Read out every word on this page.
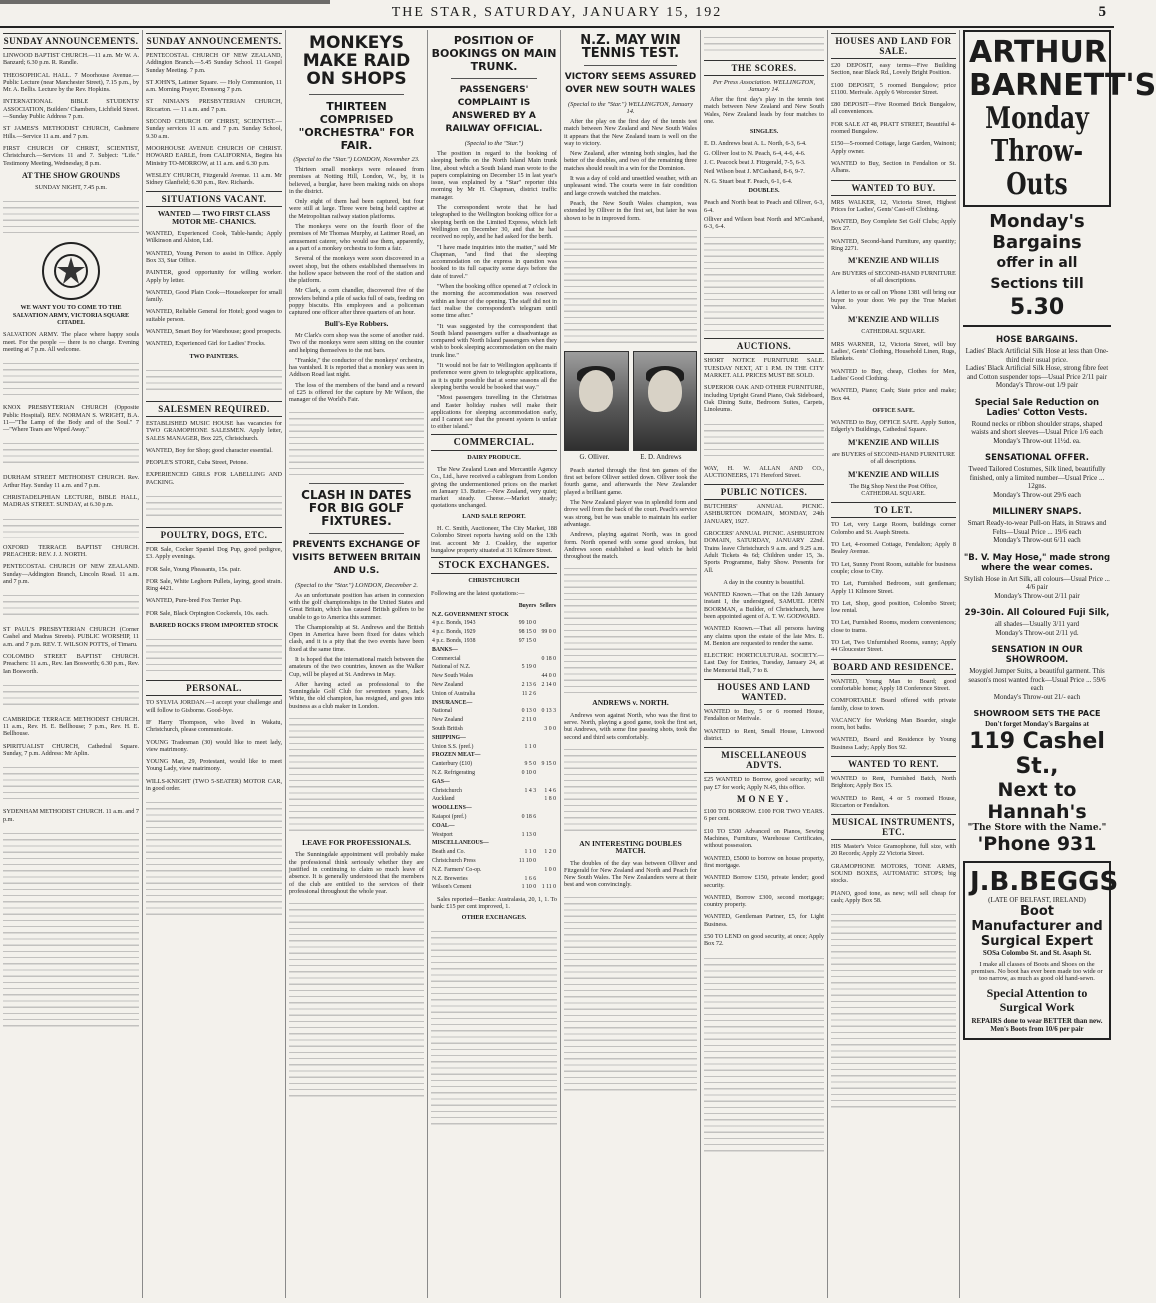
THE STAR, SATURDAY, JANUARY 15, 192	5
SUNDAY ANNOUNCEMENTS.
LINWOOD BAPTIST CHURCH.—11 a.m. Mr W. A. Banzard; 6.30 p.m. R. Randle.
THEOSOPHICAL HALL. 7 Moorhouse Avenue.— Public Lecture (near Manchester Street), 7.15 p.m., by Mr. A. Bellis. Lecture by the Rev. Hopkins.
INTERNATIONAL BIBLE STUDENTS' ASSOCIATION, Builders' Chambers, Lichfield Street.—Sunday Public Address 7 p.m.
ST JAMES'S METHODIST CHURCH, Cashmere Hills.—Service 11 a.m. and 7 p.m.
FIRST CHURCH OF CHRIST, SCIENTIST, Christchurch.—Services 11 and 7. Subject: "Life." Testimony Meeting, Wednesday, 8 p.m.
AT THE SHOW GROUNDS
SUNDAY NIGHT, 7.45 p.m.
WE WANT YOU TO COME TO THE SALVATION ARMY, VICTORIA SQUARE CITADEL
SALVATION ARMY. The place where happy souls meet. For the people — there is no charge. Evening meeting at 7 p.m. All welcome.
KNOX PRESBYTERIAN CHURCH (Opposite Public Hospital). REV. NORMAN S. WRIGHT, B.A. 11—"The Lamp of the Body and of the Soul." 7—"Where Tears are Wiped Away."
DURHAM STREET METHODIST CHURCH. Rev. Arthur Hay. Sunday 11 a.m. and 7 p.m.
CHRISTADELPHIAN LECTURE, BIBLE HALL, MADRAS STREET. SUNDAY, at 6.30 p.m.
OXFORD TERRACE BAPTIST CHURCH. PREACHER: REV. J. J. NORTH.
PENTECOSTAL CHURCH OF NEW ZEALAND. Sunday—Addington Branch, Lincoln Road. 11 a.m. and 7 p.m.
ST PAUL'S PRESBYTERIAN CHURCH (Corner Cashel and Madras Streets). PUBLIC WORSHIP, 11 a.m. and 7 p.m. REV. T. WILSON POTTS, of Timaru.
COLOMBO STREET BAPTIST CHURCH. Preachers: 11 a.m., Rev. Ian Bosworth; 6.30 p.m., Rev. Ian Bosworth.
CAMBRIDGE TERRACE METHODIST CHURCH. 11 a.m., Rev. H. E. Bellhouse; 7 p.m., Rev. H. E. Bellhouse.
SPIRITUALIST CHURCH, Cathedral Square. Sunday, 7 p.m. Address: Mr Aplin.
SYDENHAM METHODIST CHURCH. 11 a.m. and 7 p.m.
SUNDAY ANNOUNCEMENTS.
PENTECOSTAL CHURCH OF NEW ZEALAND, Addington Branch.—5.45 Sunday School. 11 Gospel Sunday Meeting. 7 p.m.
ST JOHN'S, Latimer Square. — Holy Communion, 11 a.m. Morning Prayer; Evensong 7 p.m.
ST NINIAN'S PRESBYTERIAN CHURCH, Riccarton. — 11 a.m. and 7 p.m.
SECOND CHURCH OF CHRIST, SCIENTIST.— Sunday services 11 a.m. and 7 p.m. Sunday School, 9.30 a.m.
MOORHOUSE AVENUE CHURCH OF CHRIST. HOWARD EARLE, from CALIFORNIA, Begins his Ministry TO-MORROW, at 11 a.m. and 6.30 p.m.
WESLEY CHURCH, Fitzgerald Avenue. 11 a.m. Mr Sidney Glanfield; 6.30 p.m., Rev. Richards.
SITUATIONS VACANT.
WANTED — TWO FIRST CLASS MOTOR ME- CHANICS.
WANTED, Experienced Cook, Table-hands; Apply Wilkinson and Alston, Ltd.
WANTED, Young Person to assist in Office. Apply Box 33, Star Office.
PAINTER, good opportunity for willing worker. Apply by letter.
WANTED, Good Plain Cook—Housekeeper for small family.
WANTED, Reliable General for Hotel; good wages to suitable person.
WANTED, Smart Boy for Warehouse; good prospects.
WANTED, Experienced Girl for Ladies' Frocks.
TWO PAINTERS.
SALESMEN REQUIRED.
ESTABLISHED MUSIC HOUSE has vacancies for TWO GRAMOPHONE SALESMEN. Apply letter, SALES MANAGER, Box 225, Christchurch.
WANTED, Boy for Shop; good character essential.
PEOPLE'S STORE, Cuba Street, Petone.
EXPERIENCED GIRLS FOR LABELLING AND PACKING.
POULTRY, DOGS, ETC.
FOR Sale, Cocker Spaniel Dog Pup, good pedigree, £3. Apply evenings.
FOR Sale, Young Pheasants, 15s. pair.
FOR Sale, White Leghorn Pullets, laying, good strain. Ring 4421.
WANTED, Pure-bred Fox Terrier Pup.
FOR Sale, Black Orpington Cockerels, 10s. each.
BARRED ROCKS FROM IMPORTED STOCK
PERSONAL.
TO SYLVIA JORDAN.—I accept your challenge and will follow to Gisborne. Good-bye.
IF Harry Thompson, who lived in Wakatu, Christchurch, please communicate.
YOUNG Tradesman (30) would like to meet lady, view matrimony.
YOUNG Man, 29, Protestant, would like to meet Young Lady, view matrimony.
WILLS-KNIGHT (TWO 5-SEATER) MOTOR CAR, in good order.
MONKEYS MAKE RAID ON SHOPS
THIRTEEN COMPRISED "ORCHESTRA" FOR FAIR.
(Special to the "Star.") LONDON, November 23.

Thirteen small monkeys were released from premises at Notting Hill, London, W., by, it is believed, a burglar, have been making raids on shops in the district.

Only eight of them had been captured, but four were still at large. Three were being held captive at the Metropolitan railway station platforms.

The monkeys were on the fourth floor of the premises of Mr Thomas Murphy, at Latimer Road, an amusement caterer, who would use them, apparently, as a part of a monkey orchestra to form a fair.

Several of the monkeys were soon discovered in a sweet shop, but the others established themselves in the hollow space between the roof of the station and the platform.

Mr Clark, a corn chandler, discovered five of the prowlers behind a pile of sacks full of oats, feeding on poppy biscuits. His employees and a policeman captured one officer after three quarters of an hour.

Bull's-Eye Robbers.

Mr Clark's corn shop was the scene of another raid. Two of the monkeys were seen sitting on the counter and helping themselves to the nut bars.

"Frankie," the conductor of the monkeys' orchestra, has vanished. It is reported that a monkey was seen in Addison Road last night.

The loss of the members of the band and a reward of £25 is offered for the capture by Mr Wilson, the manager of the World's Fair.

CLASH IN DATES FOR BIG GOLF FIXTURES.
PREVENTS EXCHANGE OF VISITS BETWEEN BRITAIN AND U.S.
(Special to the "Star.") LONDON, December 2.

As an unfortunate position has arisen in connexion with the golf championships in the United States and Great Britain, which has caused British golfers to be unable to go to America this summer.

The Championship at St. Andrews and the British Open in America have been fixed for dates which clash, and it is a pity that the two events have been fixed at the same time.

It is hoped that the international match between the amateurs of the two countries, known as the Walker Cup, will be played at St. Andrews in May.

After having acted as professional to the Sunningdale Golf Club for seventeen years, Jack White, the old champion, has resigned, and goes into business as a club maker in London.

LEAVE FOR PROFESSIONALS.

The Sunningdale appointment will probably make the professional think seriously whether they are justified in continuing to claim so much leave of absence. It is generally understood that the members of the club are entitled to the services of their professional throughout the whole year.

POSITION OF BOOKINGS ON MAIN TRUNK.
PASSENGERS' COMPLAINT IS ANSWERED BY A RAILWAY OFFICIAL.
(Special to the "Star.")

The position in regard to the booking of sleeping berths on the North Island Main trunk line, about which a South Island man wrote to the papers complaining on December 15 in last year's issue, was explained by a "Star" reporter this morning by Mr H. Chapman, district traffic manager.

The correspondent wrote that he had telegraphed to the Wellington booking office for a sleeping berth on the Limited Express, which left Wellington on December 30, and that he had received no reply, and he had asked for the berth.

"I have made inquiries into the matter," said Mr Chapman, "and find that the sleeping accommodation on the express in question was booked to its full capacity some days before the date of travel."

"When the booking office opened at 7 o'clock in the morning the accommodation was reserved within an hour of the opening. The staff did not in fact realise the correspondent's telegram until some time after."

"It was suggested by the correspondent that South Island passengers suffer a disadvantage as compared with North Island passengers when they wish to book sleeping accommodation on the main trunk line."

"It would not be fair to Wellington applicants if preference were given to telegraphic applications, as it is quite possible that at some seasons all the sleeping berths would be booked that way."

"Most passengers travelling in the Christmas and Easter holiday rushes will make their applications for sleeping accommodation early, and I cannot see that the present system is unfair to either island."

COMMERCIAL.
DAIRY PRODUCE.

The New Zealand Loan and Mercantile Agency Co., Ltd., have received a cablegram from London giving the undermentioned prices on the market on January 13. Butter.—New Zealand, very quiet; market steady. Cheese.—Market steady; quotations unchanged.

LAND SALE REPORT.

H. C. Smith, Auctioneer, The City Market, 188 Colombo Street reports having sold on the 13th inst. account Mr J. Coakley, the superior bungalow property situated at 31 Kilmore Street.

STOCK EXCHANGES.
CHRISTCHURCH
Following are the latest quotations:—
	Buyers	Sellers
N.Z. GOVERNMENT STOCK		
4 p.c. Bonds, 1943	99 10 0	
4 p.c. Bonds, 1929	98 15 0	99 0 0
4 p.c. Bonds, 1938	97 15 0	
BANKS—		
Commercial		0 18 0
National of N.Z.	5 19 0	
New South Wales		44 0 0
New Zealand	2 13 6	2 14 0
Union of Australia	11 2 6	
INSURANCE—		
National	0 13 0	0 13 3
New Zealand	2 11 0	
South British		3 0 0
SHIPPING—		
Union S.S. (pref.)	1 1 0	
FROZEN MEAT—		
Canterbury (£10)	9 5 0	9 15 0
N.Z. Refrigerating	0 10 0	
GAS—		
Christchurch	1 4 3	1 4 6
Auckland		1 8 0
WOOLLENS—		
Kaiapoi (pref.)	0 18 6	
COAL—		
Westport	1 13 0	
MISCELLANEOUS—		
Beath and Co.	1 1 0	1 2 0
Christchurch Press	11 10 0	
N.Z. Farmers' Co-op.		1 0 0
N.Z. Breweries	1 6 6	
Wilson's Cement	1 10 0	1 11 0

Sales reported—Banks: Australasia, 20, 1, 1. To bank: £15 per cent improved, 1.

OTHER EXCHANGES.
N.Z. MAY WIN TENNIS TEST.
VICTORY SEEMS ASSURED OVER NEW SOUTH WALES
(Special to the "Star.") WELLINGTON, January 14.

After the play on the first day of the tennis test match between New Zealand and New South Wales it appears that the New Zealand team is well on the way to victory.

New Zealand, after winning both singles, had the better of the doubles, and two of the remaining three matches should result in a win for the Dominion.

It was a day of cold and unsettled weather, with an unpleasant wind. The courts were in fair condition and large crowds watched the matches.

Peach, the New South Wales champion, was extended by Olliver in the first set, but later he was shown to be in improved form.

G. Olliver.	E. D. Andrews

Peach started through the first ten games of the first set before Olliver settled down. Olliver took the fourth game, and afterwards the New Zealander played a brilliant game.

The New Zealand player was in splendid form and drove well from the back of the court. Peach's service was strong, but he was unable to maintain his earlier advantage.

Andrews, playing against North, was in good form. North opened with some good strokes, but Andrews soon established a lead which he held throughout the match.

ANDREWS v. NORTH.

Andrews won against North, who was the first to serve. North, playing a good game, took the first set, but Andrews, with some fine passing shots, took the second and third sets comfortably.

AN INTERESTING DOUBLES MATCH.

The doubles of the day was between Olliver and Fitzgerald for New Zealand and North and Peach for New South Wales. The New Zealanders were at their best and won convincingly.

THE SCORES.
Per Press Association. WELLINGTON, January 14.

After the first day's play in the tennis test match between New Zealand and New South Wales, New Zealand leads by four matches to one.

SINGLES.
E. D. Andrews beat A. L. North, 6-3, 6-4.
G. Olliver lost to N. Peach, 6-4, 4-6, 4-6.
J. C. Peacock beat J. Fitzgerald, 7-5, 6-3.
Neil Wilson beat J. M'Cashand, 8-6, 9-7.
N. G. Stuart beat F. Peach, 6-1, 6-4.
DOUBLES.
Peach and North beat to Peach and Olliver, 6-3, 6-4.
Olliver and Wilson beat North and M'Cashand, 6-3, 6-4.
AUCTIONS.
SHORT NOTICE FURNITURE SALE. TUESDAY NEXT, AT 1 P.M. IN THE CITY MARKET. ALL PRICES MUST BE SOLD.
SUPERIOR OAK AND OTHER FURNITURE, including Upright Grand Piano, Oak Sideboard, Oak Dining Suite, Bedroom Suites, Carpets, Linoleums.
WAY, H. W. ALLAN AND CO., AUCTIONEERS, 171 Hereford Street.
PUBLIC NOTICES.
BUTCHERS' ANNUAL PICNIC. ASHBURTON DOMAIN, MONDAY, 24th JANUARY, 1927.
GROCERS' ANNUAL PICNIC. ASHBURTON DOMAIN, SATURDAY, JANUARY 22nd. Trains leave Christchurch 9 a.m. and 9.25 a.m. Adult Tickets 4s 6d; Children under 15, 3s. Sports Programme, Baby Show. Presents for All.
A day in the country is beautiful.
WANTED Known.—That on the 12th January instant I, the undersigned, SAMUEL JOHN BOORMAN, a Builder, of Christchurch, have been appointed agent of A. T. W. GODWARD.
WANTED Known.—That all persons having any claims upon the estate of the late Mrs. E. M. Benton are requested to render the same.
ELECTRIC HORTICULTURAL SOCIETY.—Last Day for Entries, Tuesday, January 24, at the Memorial Hall, 7 to 8.
HOUSES AND LAND WANTED.
WANTED to Buy, 5 or 6 roomed House, Fendalton or Merivale.
WANTED to Rent, Small House, Linwood district.
MISCELLANEOUS ADVTS.
£25 WANTED to Borrow, good security; will pay £7 for work; Apply N.45, this office.
MONEY.
£100 TO BORROW. £100 FOR TWO YEARS. 6 per cent.
£10 TO £500 Advanced on Pianos, Sewing Machines, Furniture, Warehouse Certificates, without possession.
WANTED, £5000 to borrow on house property, first mortgage.
WANTED Borrow £150, private lender; good security.
WANTED, Borrow £300, second mortgage; country property.
WANTED, Gentleman Partner, £5, for Light Business.
£50 TO LEND on good security, at once; Apply Box 72.
HOUSES AND LAND FOR SALE.
£20 DEPOSIT, easy terms—Five Building Section, near Black Rd., Lovely Bright Position.
£100 DEPOSIT, 5 roomed Bungalow; price £1100. Merivale. Apply 6 Worcester Street.
£80 DEPOSIT—Five Roomed Brick Bungalow, all conveniences.
FOR SALE AT 48, PRATT STREET, Beautiful 4-roomed Bungalow.
£150—5-roomed Cottage, large Garden, Wainoni; Apply owner.
WANTED to Buy, Section in Fendalton or St. Albans.
WANTED TO BUY.
MRS WALKER, 12, Victoria Street, Highest Prices for Ladies', Gents' Cast-off Clothing.
WANTED, Boy Complete Set Golf Clubs; Apply Box 27.
WANTED, Second-hand Furniture, any quantity; Ring 2271.
M'KENZIE AND WILLIS
Are BUYERS of SECOND-HAND FURNITURE of all descriptions.
A letter to us or call on 'Phone 1381 will bring our buyer to your door. We pay the True Market Value.
M'KENZIE AND WILLIS
CATHEDRAL SQUARE.
MRS WARNER, 12, Victoria Street, will buy Ladies', Gents' Clothing, Household Linen, Rugs, Blankets.
WANTED to Buy, cheap, Clothes for Men, Ladies' Good Clothing.
WANTED, Piano; Cash; State price and make; Box 44.
OFFICE SAFE.
WANTED to Buy, OFFICE SAFE. Apply Sutton, Edgerly's Buildings, Cathedral Square.
M'KENZIE AND WILLIS
are BUYERS of SECOND-HAND FURNITURE of all descriptions.
M'KENZIE AND WILLIS
The Big Shop Next the Post Office, CATHEDRAL SQUARE.
TO LET.
TO Let, very Large Room, buildings corner Colombo and St. Asaph Streets.
TO Let, 4-roomed Cottage, Fendalton; Apply 8 Bealey Avenue.
TO Let, Sunny Front Room, suitable for business couple; close to City.
TO Let, Furnished Bedroom, suit gentleman; Apply 11 Kilmore Street.
TO Let, Shop, good position, Colombo Street; low rental.
TO Let, Furnished Rooms, modern conveniences; close to trams.
TO Let, Two Unfurnished Rooms, sunny; Apply 44 Gloucester Street.
BOARD AND RESIDENCE.
WANTED, Young Man to Board; good comfortable home; Apply 18 Conference Street.
COMFORTABLE Board offered with private family, close to town.
VACANCY for Working Man Boarder, single room, hot baths.
WANTED, Board and Residence by Young Business Lady; Apply Box 92.
WANTED TO RENT.
WANTED to Rent, Furnished Batch, North Brighton; Apply Box 15.
WANTED to Rent, 4 or 5 roomed House, Riccarton or Fendalton.
MUSICAL INSTRUMENTS, ETC.
HIS Master's Voice Gramophone, full size, with 20 Records; Apply 22 Victoria Street.
GRAMOPHONE MOTORS, TONE ARMS, SOUND BOXES, AUTOMATIC STOPS; big stocks.
PIANO, good tone, as new; will sell cheap for cash; Apply Box 58.
ARTHUR BARNETT'S
Monday Throw-Outs
Monday's Bargains
offer in all Sections till
5.30
HOSE BARGAINS.
Ladies' Black Artificial Silk Hose at less than One-third their usual price.
Ladies' Black Artificial Silk Hose, strong fibre feet and Cotton suspender tops—Usual Price 2/11 pair
Monday's Throw-out 1/9 pair
Special Sale Reduction on Ladies' Cotton Vests.
Round necks or ribbon shoulder straps, shaped waists and short sleeves—Usual Price 1/6 each
Monday's Throw-out 11½d. ea.
SENSATIONAL OFFER.
Tweed Tailored Costumes, Silk lined, beautifully finished, only a limited number—Usual Price ... 12gns.
Monday's Throw-out 29/6 each
MILLINERY SNAPS.
Smart Ready-to-wear Pull-on Hats, in Straws and Felts—Usual Price ... 19/6 each
Monday's Throw-out 6/11 each
"B. V. May Hose," made strong where the wear comes.
Stylish Hose in Art Silk, all colours—Usual Price ... 4/6 pair
Monday's Throw-out 2/11 pair
29-30in. All Coloured Fuji Silk,
all shades—Usually 3/11 yard
Monday's Throw-out 2/11 yd.
SENSATION IN OUR SHOWROOM.
Moygiel Jumper Suits, a beautiful garment. This season's most wanted frock—Usual Price ... 59/6 each
Monday's Throw-out 21/- each
SHOWROOM SETS THE PACE
Don't forget Monday's Bargains at
119 Cashel St.,
Next to Hannah's
"The Store with the Name."
'Phone 931
J.B.BEGGS
(LATE OF BELFAST, IRELAND)
Boot Manufacturer and Surgical Expert
SOSa Colombo St. and St. Asaph St.
I make all classes of Boots and Shoes on the premises. No boot has ever been made too wide or too narrow, as much as good old hand-sewn.
Special Attention to Surgical Work
REPAIRS done to wear BETTER than new. Men's Boots from 10/6 per pair
